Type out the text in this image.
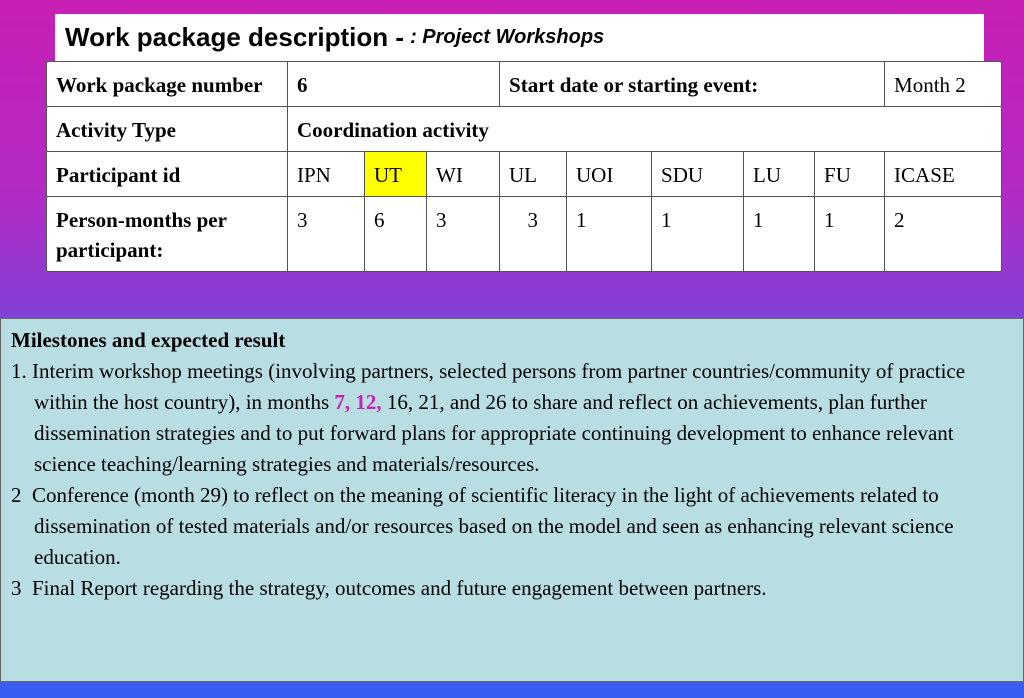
Work package description - : Project Workshops
Work package number	6			Start date or starting event:					Month 2
Activity Type	Coordination activity								
Participant id	IPN	UT	WI	UL	UOI	SDU	LU	FU	ICASE
Person-months per participant:	3	6	3	3	1	1	1	1	2
Milestones and expected result
1. Interim workshop meetings (involving partners, selected persons from partner countries/community of practice within the host country), in months 7, 12, 16, 21, and 26 to share and reflect on achievements, plan further dissemination strategies and to put forward plans for appropriate continuing development to enhance relevant science teaching/learning strategies and materials/resources.
2  Conference (month 29) to reflect on the meaning of scientific literacy in the light of achievements related to dissemination of tested materials and/or resources based on the model and seen as enhancing relevant science education.
3  Final Report regarding the strategy, outcomes and future engagement between partners.
